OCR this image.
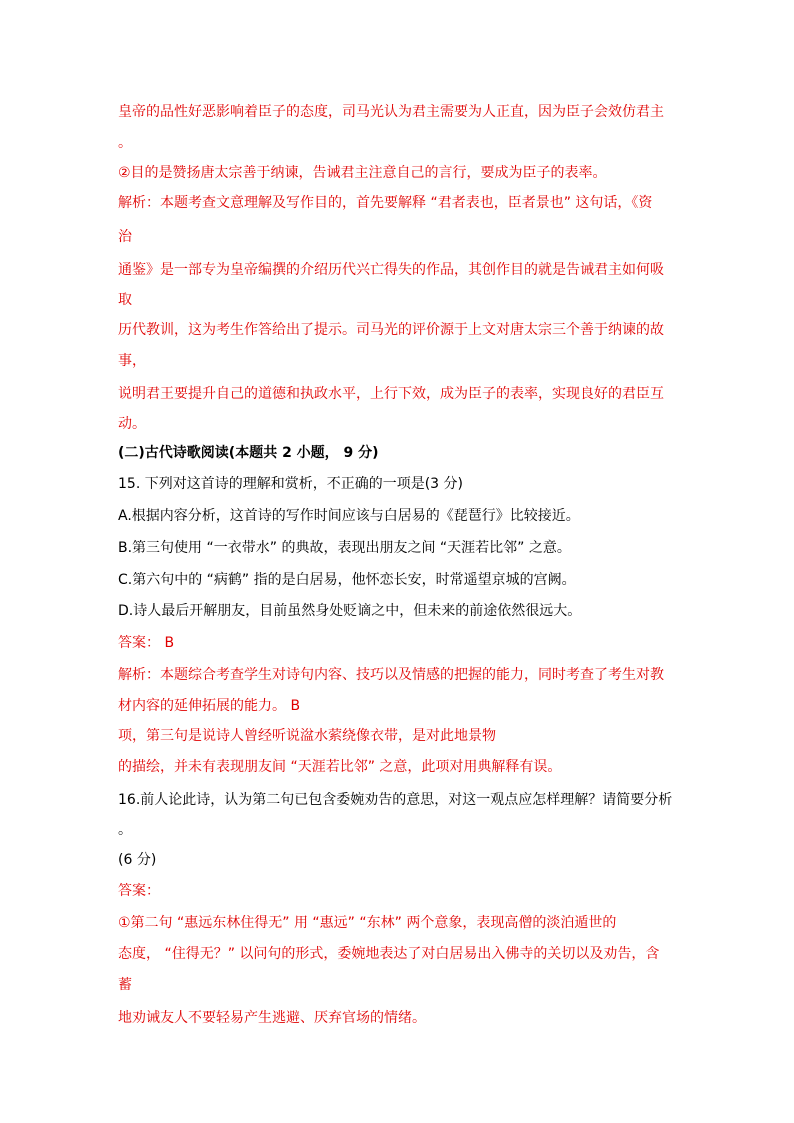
皇帝的品性好恶影响着臣子的态度，司马光认为君主需要为人正直，因为臣子会效仿君主
。
②目的是赞扬唐太宗善于纳谏，告诫君主注意自己的言行，要成为臣子的表率。
解析：本题考查文意理解及写作目的，首先要解释 “君者表也，臣者景也” 这句话，《资
治
通鉴》是一部专为皇帝编撰的介绍历代兴亡得失的作品，其创作目的就是告诫君主如何吸
取
历代教训，这为考生作答给出了提示。司马光的评价源于上文对唐太宗三个善于纳谏的故
事，
说明君王要提升自己的道德和执政水平，上行下效，成为臣子的表率，实现良好的君臣互
动。
(二)古代诗歌阅读(本题共 2 小题， 9 分)
15. 下列对这首诗的理解和赏析，不正确的一项是(3 分)
A.根据内容分析，这首诗的写作时间应该与白居易的《琵琶行》比较接近。
B.第三句使用 “一衣带水” 的典故，表现出朋友之间 “天涯若比邻” 之意。
C.第六句中的 “病鹤” 指的是白居易，他怀恋长安，时常遥望京城的宫阙。
D.诗人最后开解朋友，目前虽然身处贬谪之中，但未来的前途依然很远大。
答案： B
解析：本题综合考查学生对诗句内容、技巧以及情感的把握的能力，同时考查了考生对教
材内容的延伸拓展的能力。 B
项，第三句是说诗人曾经听说湓水萦绕像衣带，是对此地景物
的描绘，并未有表现朋友间 “天涯若比邻” 之意，此项对用典解释有误。
16.前人论此诗，认为第二句已包含委婉劝告的意思，对这一观点应怎样理解？请简要分析
。
(6 分)
答案：
①第二句 “惠远东林住得无” 用 “惠远” “东林” 两个意象，表现高僧的淡泊遁世的
态度， “住得无？” 以问句的形式，委婉地表达了对白居易出入佛寺的关切以及劝告，含
蓄
地劝诫友人不要轻易产生逃避、厌弃官场的情绪。
